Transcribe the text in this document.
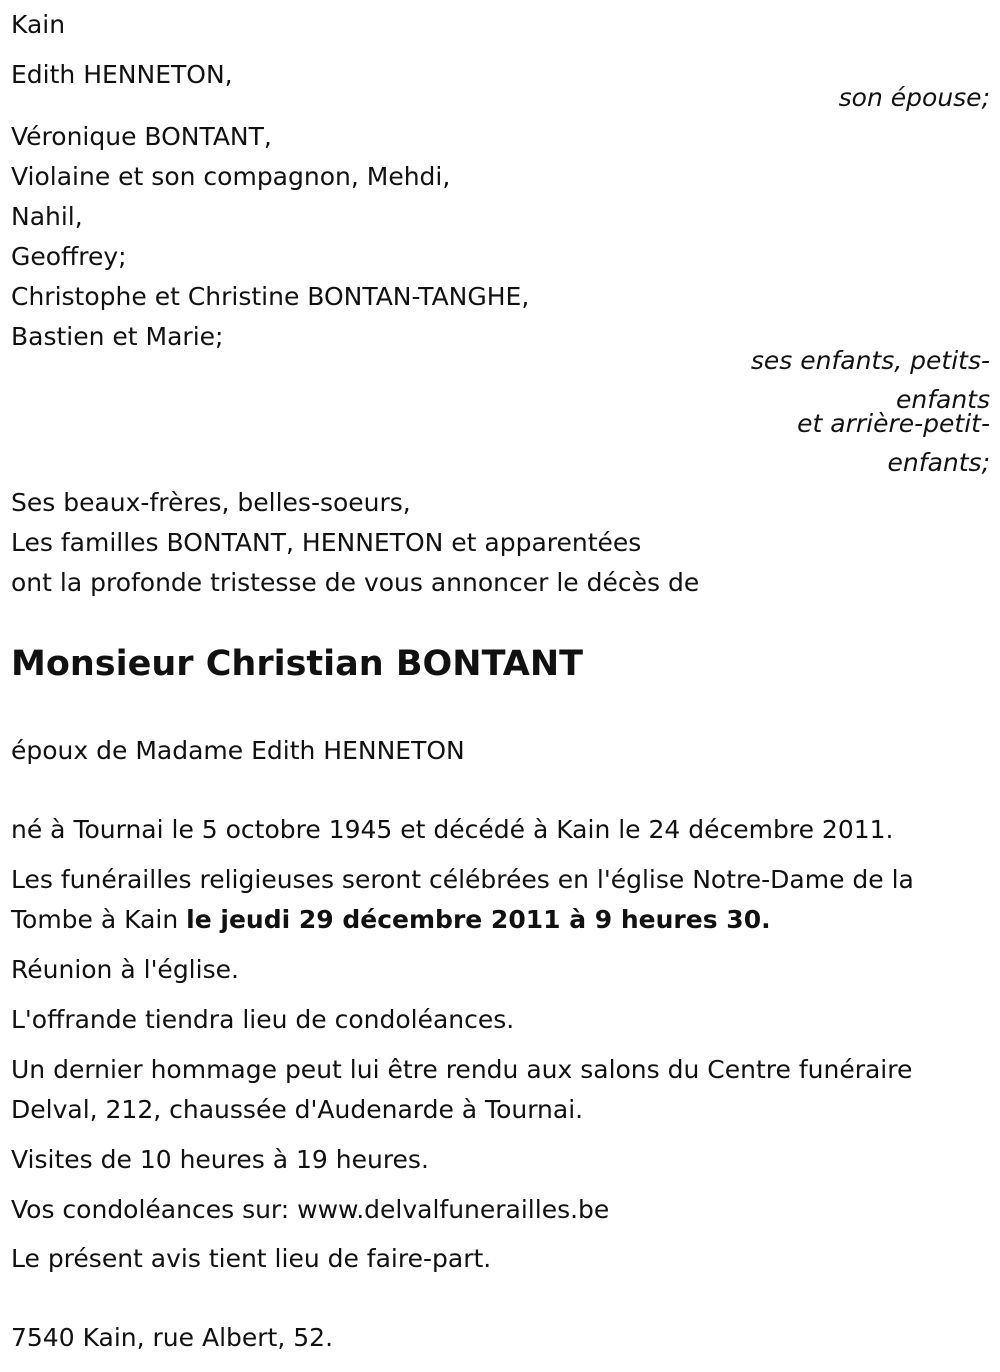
Kain
Edith HENNETON,
son épouse;
Véronique BONTANT,
Violaine et son compagnon, Mehdi,
Nahil,
Geoffrey;
Christophe et Christine BONTAN-TANGHE,
Bastien et Marie;
ses enfants, petits-
enfants
et arrière-petit-
enfants;
Ses beaux-frères, belles-soeurs,
Les familles BONTANT, HENNETON et apparentées
ont la profonde tristesse de vous annoncer le décès de
Monsieur Christian BONTANT
époux de Madame Edith HENNETON
né à Tournai le 5 octobre 1945 et décédé à Kain le 24 décembre 2011.
Les funérailles religieuses seront célébrées en l'église Notre-Dame de la
Tombe à Kain le jeudi 29 décembre 2011 à 9 heures 30.
Réunion à l'église.
L'offrande tiendra lieu de condoléances.
Un dernier hommage peut lui être rendu aux salons du Centre funéraire
Delval, 212, chaussée d'Audenarde à Tournai.
Visites de 10 heures à 19 heures.
Vos condoléances sur: www.delvalfunerailles.be
Le présent avis tient lieu de faire-part.
7540 Kain, rue Albert, 52.
